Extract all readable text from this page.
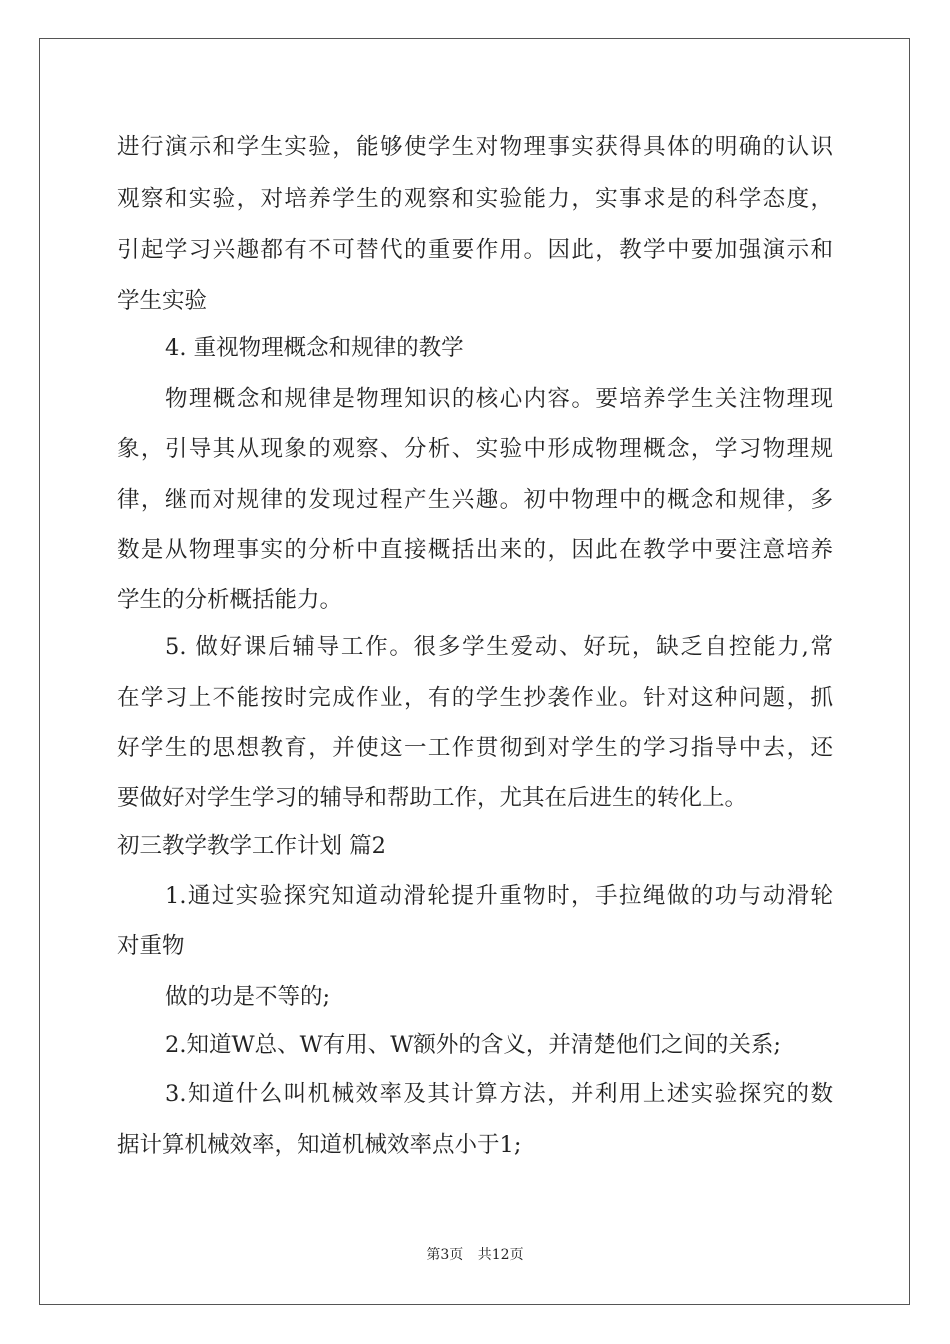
进行演示和学生实验，能够使学生对物理事实获得具体的明确的认识
观察和实验，对培养学生的观察和实验能力，实事求是的科学态度，
引起学习兴趣都有不可替代的重要作用。因此，教学中要加强演示和
学生实验
4. 重视物理概念和规律的教学
物理概念和规律是物理知识的核心内容。要培养学生关注物理现
象，引导其从现象的观察、分析、实验中形成物理概念，学习物理规
律，继而对规律的发现过程产生兴趣。初中物理中的概念和规律，多
数是从物理事实的分析中直接概括出来的，因此在教学中要注意培养
学生的分析概括能力。
5. 做好课后辅导工作。很多学生爱动、好玩，缺乏自控能力,常
在学习上不能按时完成作业，有的学生抄袭作业。针对这种问题，抓
好学生的思想教育，并使这一工作贯彻到对学生的学习指导中去，还
要做好对学生学习的辅导和帮助工作，尤其在后进生的转化上。
初三教学教学工作计划 篇2
1.通过实验探究知道动滑轮提升重物时，手拉绳做的功与动滑轮
对重物
做的功是不等的;
2.知道W总、W有用、W额外的含义，并清楚他们之间的关系;
3.知道什么叫机械效率及其计算方法，并利用上述实验探究的数
据计算机械效率，知道机械效率点小于1;
第3页 共12页
